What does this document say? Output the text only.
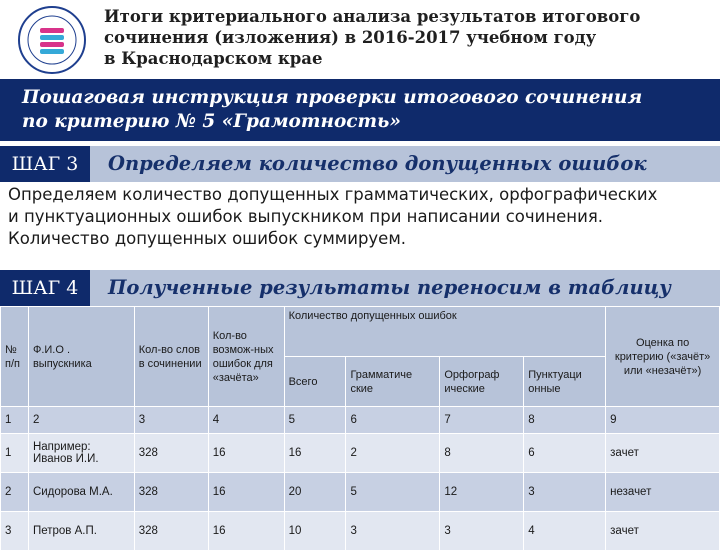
Итоги критериального анализа результатов итогового
сочинения (изложения) в 2016-2017 учебном году
в Краснодарском крае
Пошаговая инструкция проверки итогового сочинения
по критерию № 5 «Грамотность»
ШАГ 3	Определяем количество допущенных ошибок
Определяем количество допущенных грамматических, орфографических
и пунктуационных ошибок выпускником при написании сочинения.
Количество допущенных ошибок суммируем.
ШАГ 4	Полученные результаты переносим в таблицу
№ п/п	Ф.И.О . выпускника	Кол-во слов в сочинении	Кол-во возмож-ных ошибок для «зачёта»	Количество допущенных ошибок				Оценка по критерию («зачёт» или «незачёт»)
				Всего	Грамматиче ские	Орфограф ические	Пунктуаци онные	
1	2	3	4	5	6	7	8	9
1	Например: Иванов И.И.	328	16	16	2	8	6	зачет
2	Сидорова М.А.	328	16	20	5	12	3	незачет
3	Петров А.П.	328	16	10	3	3	4	зачет
